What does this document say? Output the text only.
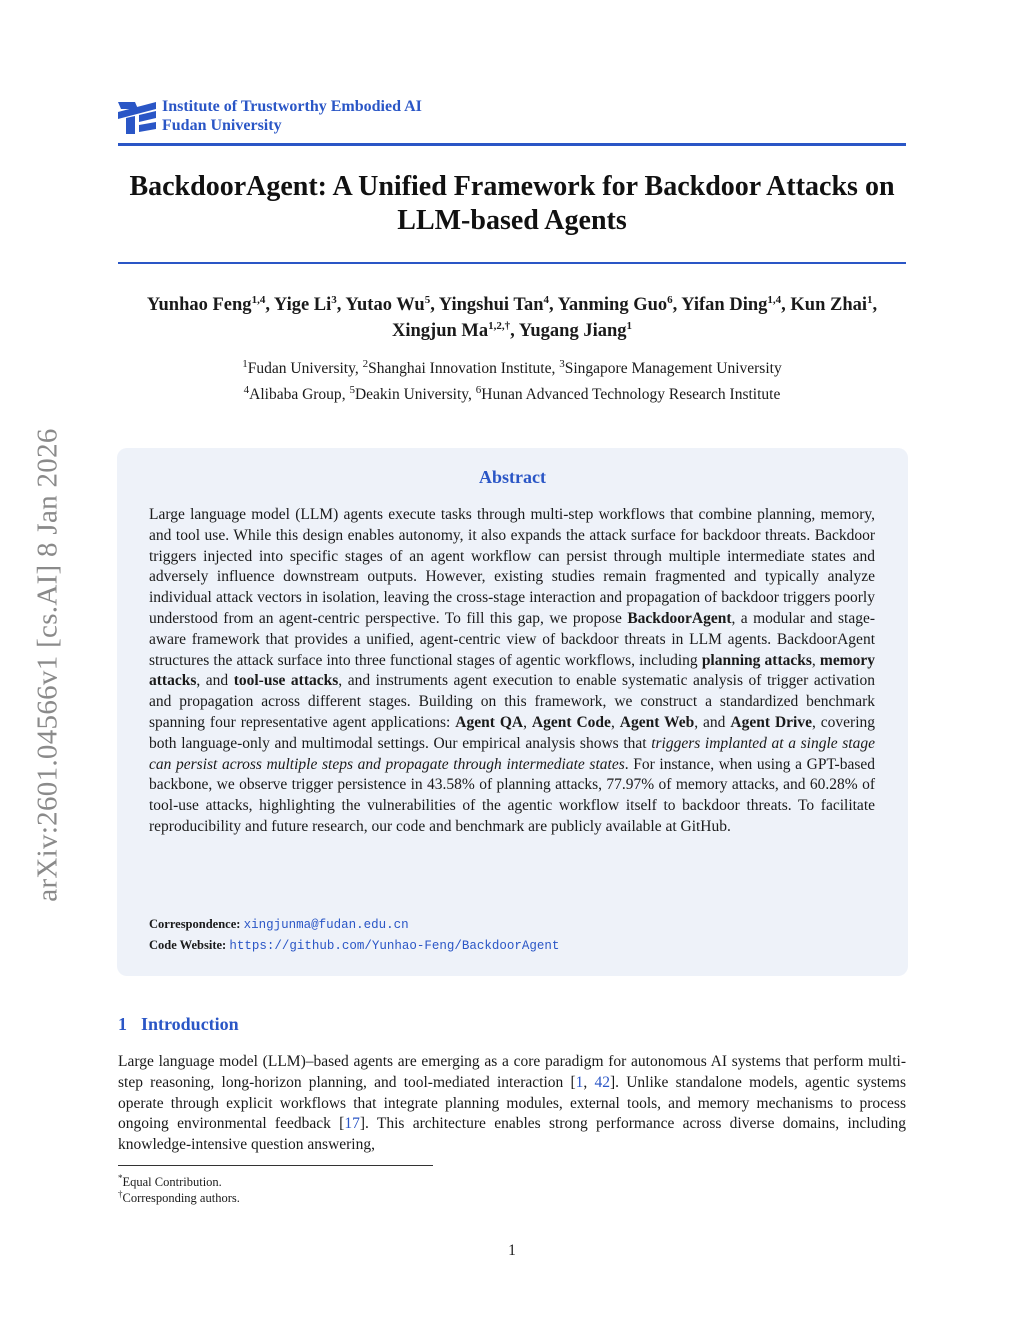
Institute of Trustworthy Embodied AI
Fudan University
BackdoorAgent: A Unified Framework for Backdoor Attacks on LLM-based Agents
Yunhao Feng$^{1,4}$, Yige Li$^3$, Yutao Wu$^5$, Yingshui Tan$^4$, Yanming Guo$^6$, Yifan Ding$^{1,4}$, Kun Zhai$^1$, Xingjun $Ma^{1,2,\dagger}$, Yugang Jiang$^1$
$^1$Fudan University, $^2$Shanghai Innovation Institute, $^3$Singapore Management University
$^4$Alibaba Group, $^5$Deakin University, $^6$Hunan Advanced Technology Research Institute
arXiv:2601.04566v1 [cs.AI] 8 Jan 2026	Abstract
Large language model (LLM) agents execute tasks through multi-step workflows that combine planning, memory, and tool use. While this design enables autonomy, it also expands the attack surface for backdoor threats. Backdoor triggers injected into specific stages of an agent workflow can persist through multiple intermediate states and adversely influence downstream outputs. However, existing studies remain fragmented and typically analyze individual attack vectors in isolation, leaving the cross-stage interaction and propagation of backdoor triggers poorly understood from an agent-centric perspective. To fill this gap, we propose BackdoorAgent, a modular and stage-aware framework that provides a unified, agent-centric view of backdoor threats in LLM agents. BackdoorAgent structures the attack surface into three functional stages of agentic workflows, including planning attacks, memory attacks, and tool-use attacks, and instruments agent execution to enable systematic analysis of trigger activation and propagation across different stages. Building on this framework, we construct a standardized benchmark spanning four representative agent applications: Agent QA, Agent Code, Agent Web, and Agent Drive, covering both language-only and multimodal settings. Our empirical analysis shows that triggers implanted at a single stage can persist across multiple steps and propagate through intermediate states. For instance, when using a GPT-based backbone, we observe trigger persistence in 43.58% of planning attacks, 77.97% of memory attacks, and 60.28% of tool-use attacks, highlighting the vulnerabilities of the agentic workflow itself to backdoor threats. To facilitate reproducibility and future research, our code and benchmark are publicly available at GitHub.
Correspondence: xingjunma@fudan.edu.cn
Code Website: https://github.com/Yunhao-Feng/BackdoorAgent
1 Introduction
Large language model (LLM)–based agents are emerging as a core paradigm for autonomous AI systems that perform multi-step reasoning, long-horizon planning, and tool-mediated interaction [1, 42]. Unlike standalone models, agentic systems operate through explicit workflows that integrate planning modules, external tools, and memory mechanisms to process ongoing environmental feedback [17]. This architecture enables strong performance across diverse domains, including knowledge-intensive question answering,
*Equal Contribution.
†Corresponding authors.
1
